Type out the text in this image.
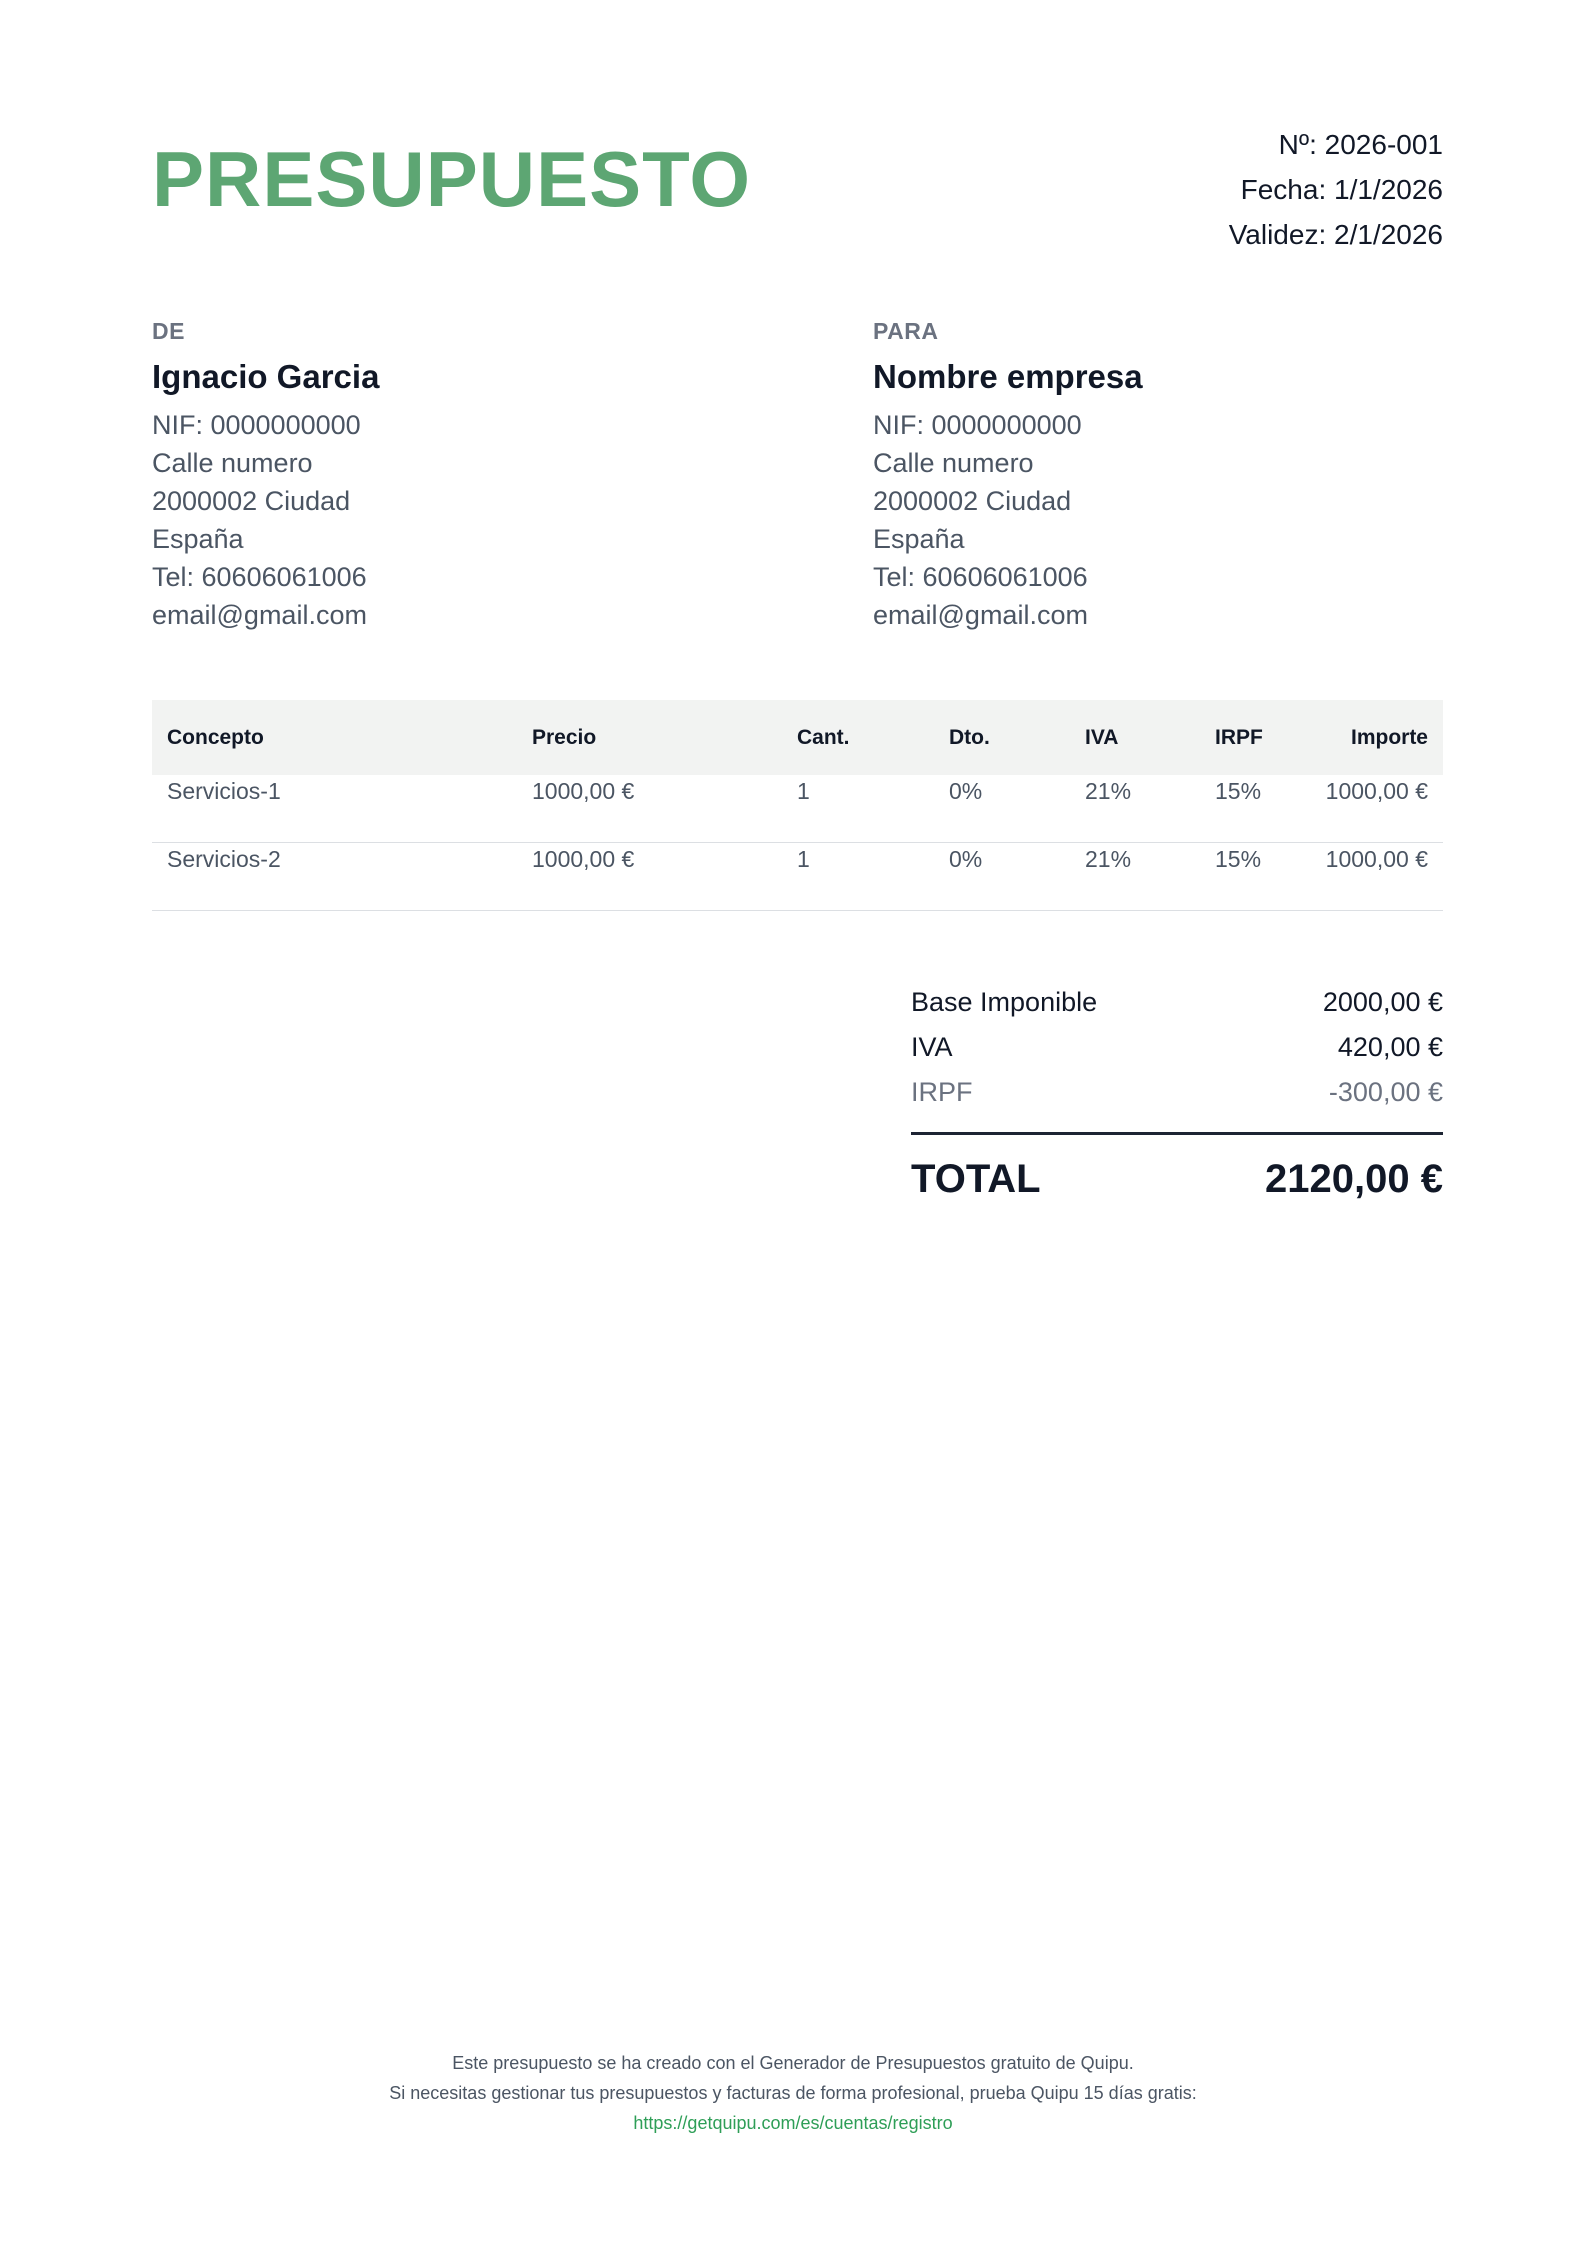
PRESUPUESTO	Nº: 2026-001
Fecha: 1/1/2026
Validez: 2/1/2026
DE
Ignacio Garcia
NIF: 0000000000
Calle numero
2000002 Ciudad
España
Tel: 60606061006
email@gmail.com
PARA
Nombre empresa
NIF: 0000000000
Calle numero
2000002 Ciudad
España
Tel: 60606061006
email@gmail.com
Concepto	Precio	Cant.	Dto.	IVA	IRPF	Importe

Servicios-1	1000,00 €	1	0%	21%	15%	1000,00 €

Servicios-2	1000,00 €	1	0%	21%	15%	1000,00 €
Base Imponible	2000,00 €
IVA	420,00 €
IRPF	-300,00 €
TOTAL	2120,00 €
Este presupuesto se ha creado con el Generador de Presupuestos gratuito de Quipu.
Si necesitas gestionar tus presupuestos y facturas de forma profesional, prueba Quipu 15 días gratis:
https://getquipu.com/es/cuentas/registro
